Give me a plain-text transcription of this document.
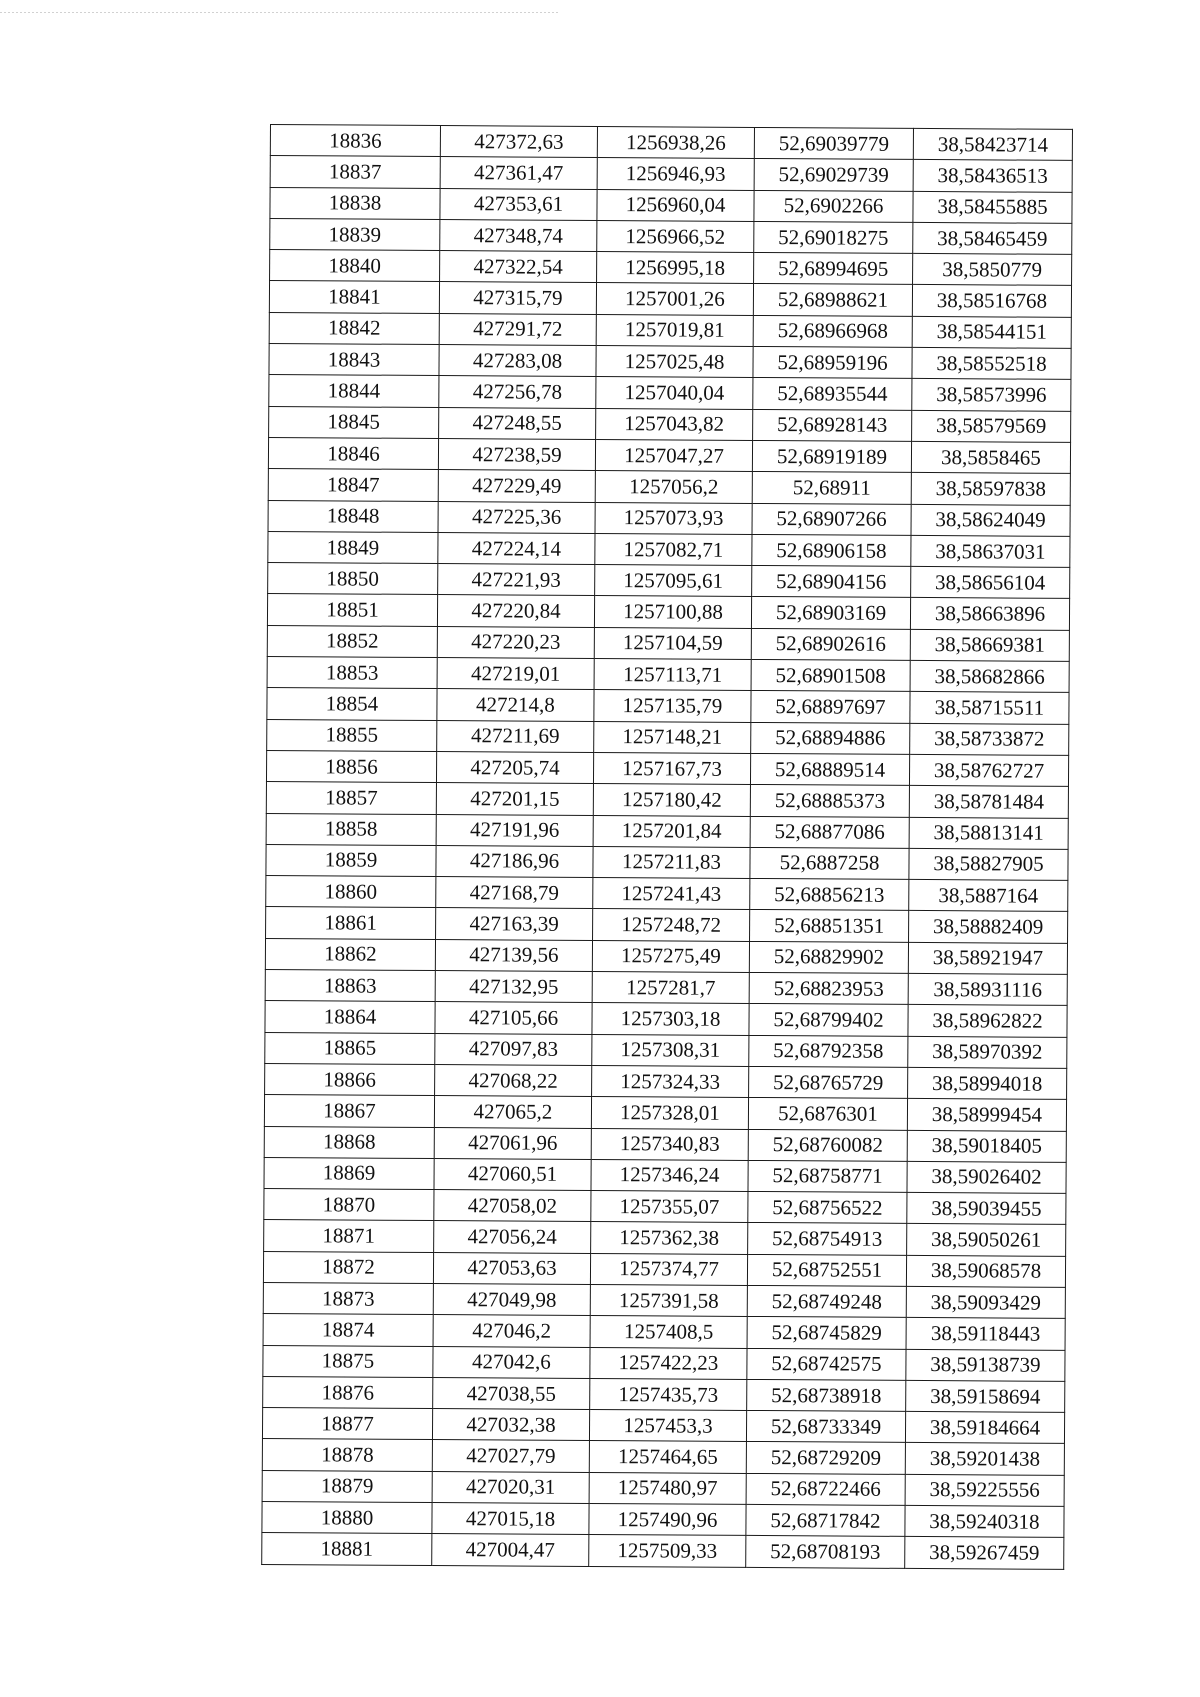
18836	427372,63	1256938,26	52,69039779	38,58423714
18837	427361,47	1256946,93	52,69029739	38,58436513
18838	427353,61	1256960,04	52,6902266	38,58455885
18839	427348,74	1256966,52	52,69018275	38,58465459
18840	427322,54	1256995,18	52,68994695	38,5850779
18841	427315,79	1257001,26	52,68988621	38,58516768
18842	427291,72	1257019,81	52,68966968	38,58544151
18843	427283,08	1257025,48	52,68959196	38,58552518
18844	427256,78	1257040,04	52,68935544	38,58573996
18845	427248,55	1257043,82	52,68928143	38,58579569
18846	427238,59	1257047,27	52,68919189	38,5858465
18847	427229,49	1257056,2	52,68911	38,58597838
18848	427225,36	1257073,93	52,68907266	38,58624049
18849	427224,14	1257082,71	52,68906158	38,58637031
18850	427221,93	1257095,61	52,68904156	38,58656104
18851	427220,84	1257100,88	52,68903169	38,58663896
18852	427220,23	1257104,59	52,68902616	38,58669381
18853	427219,01	1257113,71	52,68901508	38,58682866
18854	427214,8	1257135,79	52,68897697	38,58715511
18855	427211,69	1257148,21	52,68894886	38,58733872
18856	427205,74	1257167,73	52,68889514	38,58762727
18857	427201,15	1257180,42	52,68885373	38,58781484
18858	427191,96	1257201,84	52,68877086	38,58813141
18859	427186,96	1257211,83	52,6887258	38,58827905
18860	427168,79	1257241,43	52,68856213	38,5887164
18861	427163,39	1257248,72	52,68851351	38,58882409
18862	427139,56	1257275,49	52,68829902	38,58921947
18863	427132,95	1257281,7	52,68823953	38,58931116
18864	427105,66	1257303,18	52,68799402	38,58962822
18865	427097,83	1257308,31	52,68792358	38,58970392
18866	427068,22	1257324,33	52,68765729	38,58994018
18867	427065,2	1257328,01	52,6876301	38,58999454
18868	427061,96	1257340,83	52,68760082	38,59018405
18869	427060,51	1257346,24	52,68758771	38,59026402
18870	427058,02	1257355,07	52,68756522	38,59039455
18871	427056,24	1257362,38	52,68754913	38,59050261
18872	427053,63	1257374,77	52,68752551	38,59068578
18873	427049,98	1257391,58	52,68749248	38,59093429
18874	427046,2	1257408,5	52,68745829	38,59118443
18875	427042,6	1257422,23	52,68742575	38,59138739
18876	427038,55	1257435,73	52,68738918	38,59158694
18877	427032,38	1257453,3	52,68733349	38,59184664
18878	427027,79	1257464,65	52,68729209	38,59201438
18879	427020,31	1257480,97	52,68722466	38,59225556
18880	427015,18	1257490,96	52,68717842	38,59240318
18881	427004,47	1257509,33	52,68708193	38,59267459
